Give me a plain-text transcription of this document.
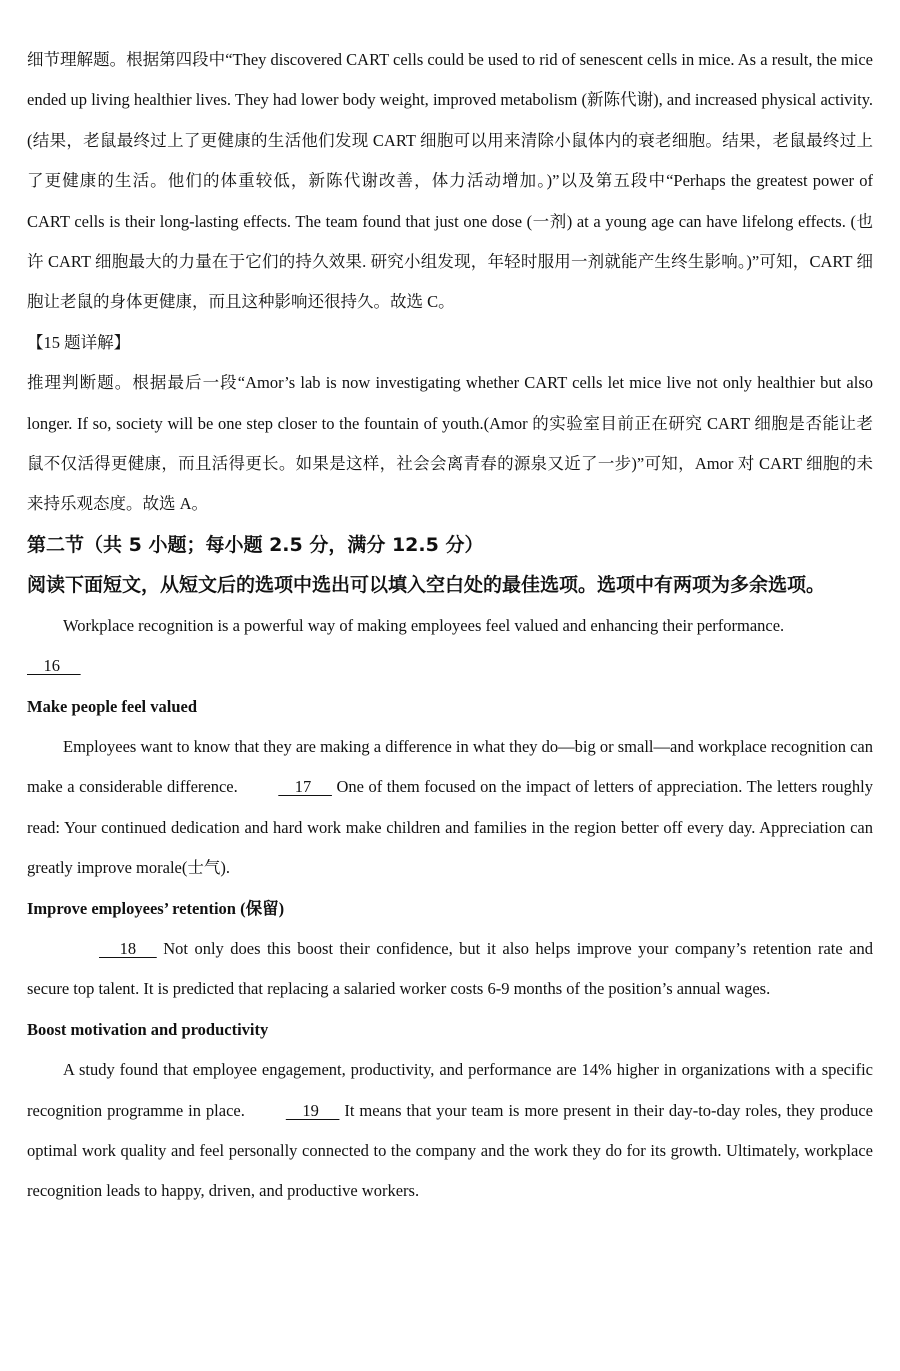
细节理解题。根据第四段中“They discovered CART cells could be used to rid of senescent cells in mice. As a result, the mice ended up living healthier lives. They had lower body weight, improved metabolism (新陈代谢), and increased physical activity. (结果，老鼠最终过上了更健康的生活他们发现 CART 细胞可以用来清除小鼠体内的衰老细胞。结果，老鼠最终过上了更健康的生活。他们的体重较低，新陈代谢改善，体力活动增加。)”以及第五段中“Perhaps the greatest power of CART cells is their long-lasting effects. The team found that just one dose (一剂) at a young age can have lifelong effects. (也许 CART 细胞最大的力量在于它们的持久效果. 研究小组发现，年轻时服用一剂就能产生终生影响。)”可知，CART 细胞让老鼠的身体更健康，而且这种影响还很持久。故选 C。

【15 题详解】

推理判断题。根据最后一段“Amor’s lab is now investigating whether CART cells let mice live not only healthier but also longer. If so, society will be one step closer to the fountain of youth.(Amor 的实验室目前正在研究 CART 细胞是否能让老鼠不仅活得更健康，而且活得更长。如果是这样，社会会离青春的源泉又近了一步)”可知，Amor 对 CART 细胞的未来持乐观态度。故选 A。

第二节（共 5 小题；每小题 2.5 分，满分 12.5 分）

阅读下面短文，从短文后的选项中选出可以填入空白处的最佳选项。选项中有两项为多余选项。

Workplace recognition is a powerful way of making employees feel valued and enhancing their performance.

16

Make people feel valued

Employees want to know that they are making a difference in what they do—big or small—and workplace recognition can make a considerable difference.     17      One of them focused on the impact of letters of appreciation. The letters roughly read: Your continued dedication and hard work make children and families in the region better off every day. Appreciation can greatly improve morale(士气).

Improve employees’ retention (保留)

18      Not only does this boost their confidence, but it also helps improve your company’s retention rate and secure top talent. It is predicted that replacing a salaried worker costs 6-9 months of the position’s annual wages.

Boost motivation and productivity

A study found that employee engagement, productivity, and performance are 14% higher in organizations with a specific recognition programme in place.     19      It means that your team is more present in their day-to-day roles, they produce optimal work quality and feel personally connected to the company and the work they do for its growth. Ultimately, workplace recognition leads to happy, driven, and productive workers.
